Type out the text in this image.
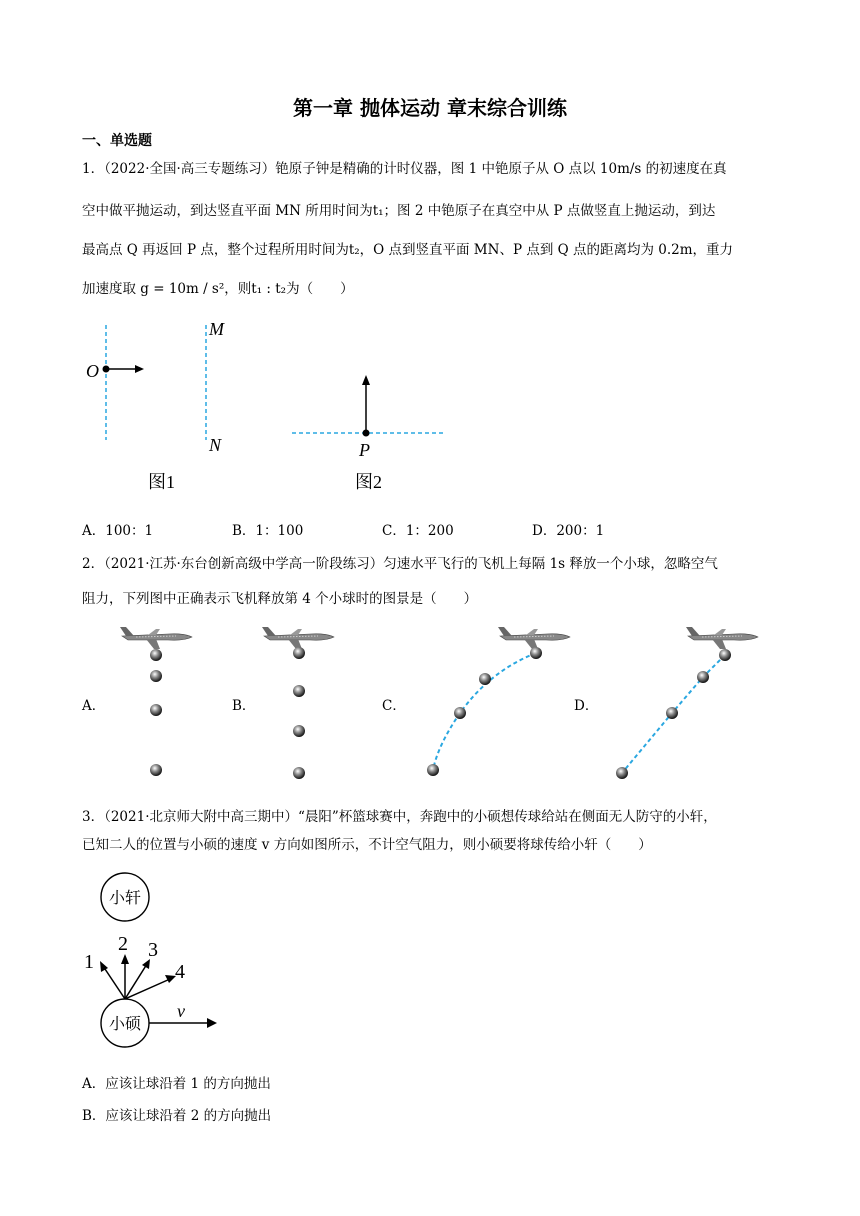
第一章 抛体运动 章末综合训练
一、单选题
1．（2022·全国·高三专题练习）铯原子钟是精确的计时仪器，图 1 中铯原子从 O 点以 10m/s 的初速度在真
空中做平抛运动，到达竖直平面 MN 所用时间为t₁；图 2 中铯原子在真空中从 P 点做竖直上抛运动，到达
最高点 Q 再返回 P 点，整个过程所用时间为t₂，O 点到竖直平面 MN、P 点到 Q 点的距离均为 0.2m，重力
加速度取 g = 10m / s²，则t₁ : t₂为（　　）
O
M
N
图1
P
图2
A．100：1	B．1：100	C．1：200	D．200：1
2．（2021·江苏·东台创新高级中学高一阶段练习）匀速水平飞行的飞机上每隔 1s 释放一个小球，忽略空气
阻力，下列图中正确表示飞机释放第 4 个小球时的图景是（　　）
A．	B．	C．	D．
3．（2021·北京师大附中高三期中）“晨阳”杯篮球赛中，奔跑中的小硕想传球给站在侧面无人防守的小轩，
已知二人的位置与小硕的速度 v 方向如图所示，不计空气阻力，则小硕要将球传给小轩（　　）
小轩
小硕
v
1
2 3
4
A．应该让球沿着 1 的方向抛出
B．应该让球沿着 2 的方向抛出
